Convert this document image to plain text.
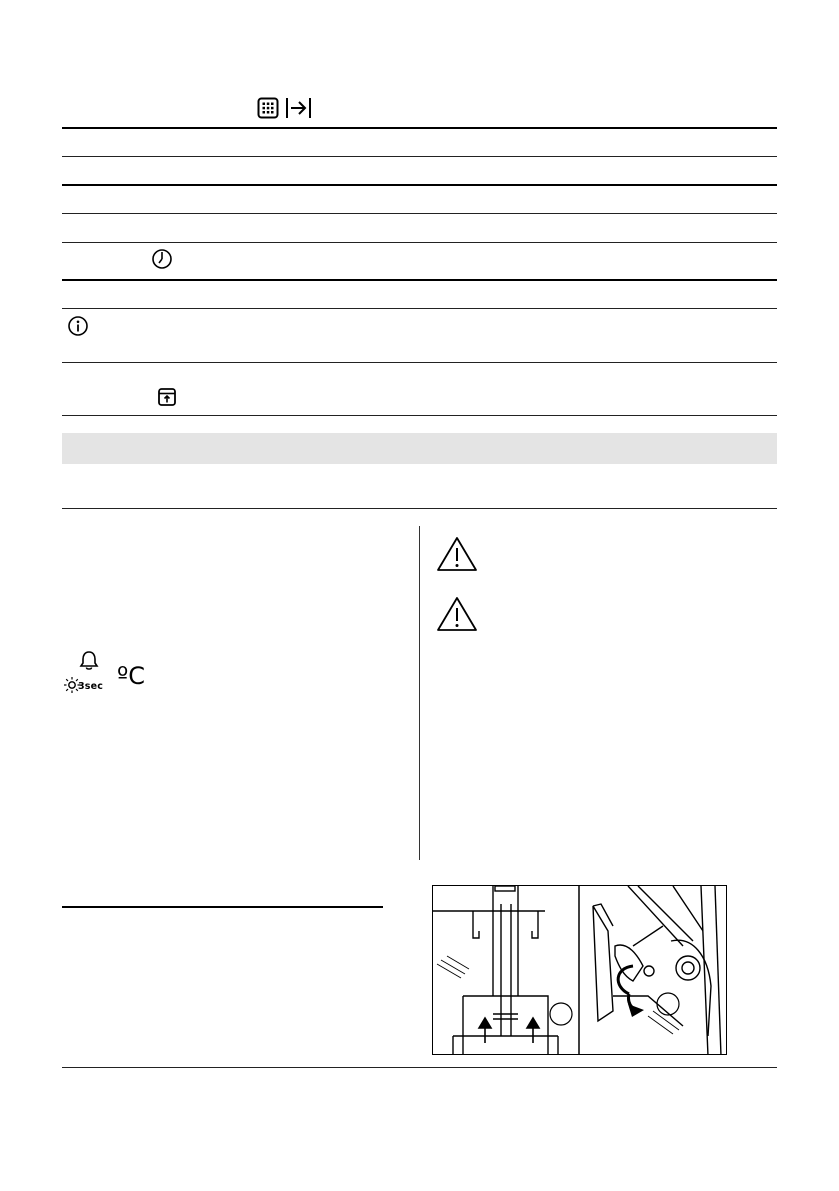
3sec ºC
